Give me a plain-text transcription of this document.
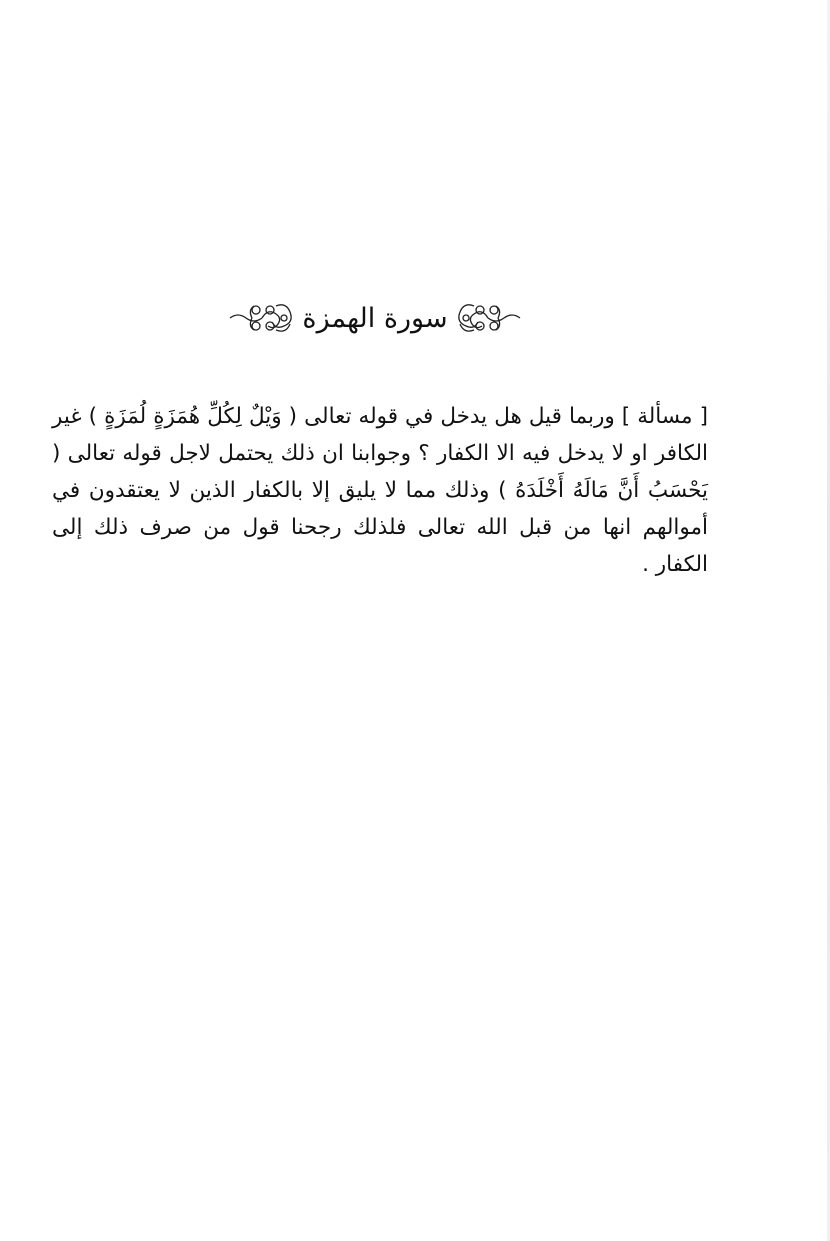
سورة الهمزة

[ مسألة ] وربما قيل هل يدخل في قوله تعالى ( وَيْلٌ لِكُلِّ هُمَزَةٍ لُمَزَةٍ ) غير الكافر او لا يدخل فيه الا الكفار ؟ وجوابنا ان ذلك يحتمل لاجل قوله تعالى ( يَحْسَبُ أَنَّ مَالَهُ أَخْلَدَهُ ) وذلك مما لا يليق إلا بالكفار الذين لا يعتقدون في أموالهم انها من قبل الله تعالى فلذلك رجحنا قول من صرف ذلك إلى الكفار .
